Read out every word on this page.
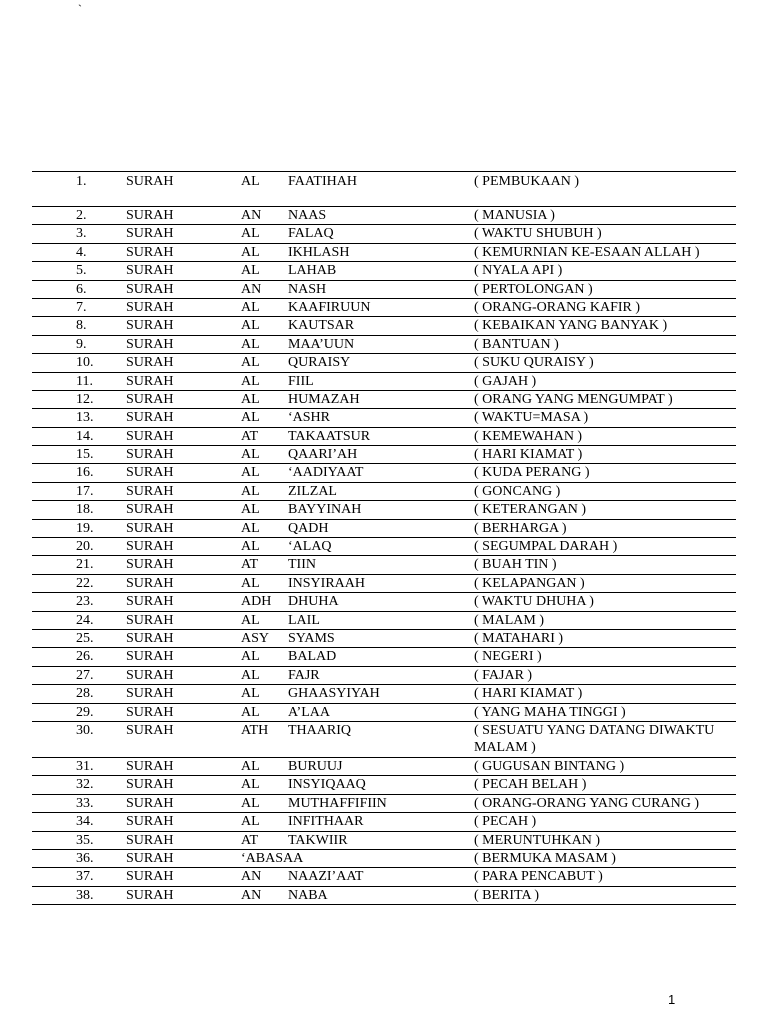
`
1.	SURAH	AL FAATIHAH	( PEMBUKAAN )
2.	SURAH	AN NAAS	( MANUSIA )
3.	SURAH	AL FALAQ	( WAKTU SHUBUH )
4.	SURAH	AL IKHLASH	( KEMURNIAN KE-ESAAN ALLAH )
5.	SURAH	AL LAHAB	( NYALA API )
6.	SURAH	AN NASH	( PERTOLONGAN )
7.	SURAH	AL KAAFIRUUN	( ORANG-ORANG KAFIR )
8.	SURAH	AL KAUTSAR	( KEBAIKAN YANG BANYAK )
9.	SURAH	AL MAA’UUN	( BANTUAN )
10. SURAH	AL QURAISY	( SUKU QURAISY )
11. SURAH	AL FIIL	( GAJAH )
12. SURAH	AL HUMAZAH	( ORANG YANG MENGUMPAT )
13. SURAH	AL ‘ASHR	( WAKTU=MASA )
14. SURAH	AT TAKAATSUR	( KEMEWAHAN )
15. SURAH	AL QAARI’AH	( HARI KIAMAT )
16. SURAH	AL ‘AADIYAAT	( KUDA PERANG )
17. SURAH	AL ZILZAL	( GONCANG )
18. SURAH	AL BAYYINAH	( KETERANGAN )
19. SURAH	AL QADH	( BERHARGA )
20. SURAH	AL ‘ALAQ	( SEGUMPAL DARAH )
21. SURAH	AT TIIN	( BUAH TIN )
22. SURAH	AL INSYIRAAH	( KELAPANGAN )
23. SURAH	ADH DHUHA	( WAKTU DHUHA )
24. SURAH	AL LAIL	( MALAM )
25. SURAH	ASY SYAMS	( MATAHARI )
26. SURAH	AL BALAD	( NEGERI )
27. SURAH	AL FAJR	( FAJAR )
28. SURAH	AL GHAASYIYAH	( HARI KIAMAT )
29. SURAH	AL A’LAA	( YANG MAHA TINGGI )
30. SURAH	ATH THAARIQ	( SESUATU YANG DATANG DIWAKTU MALAM )
31. SURAH	AL BURUUJ	( GUGUSAN BINTANG )
32. SURAH	AL INSYIQAAQ	( PECAH BELAH )
33. SURAH	AL MUTHAFFIFIIN	( ORANG-ORANG YANG CURANG )
34. SURAH	AL INFITHAAR	( PECAH )
35. SURAH	AT TAKWIIR	( MERUNTUHKAN )
36. SURAH	‘ABASAA	( BERMUKA MASAM )
37. SURAH	AN NAAZI’AAT	( PARA PENCABUT )
38. SURAH	AN NABA	( BERITA )
1
